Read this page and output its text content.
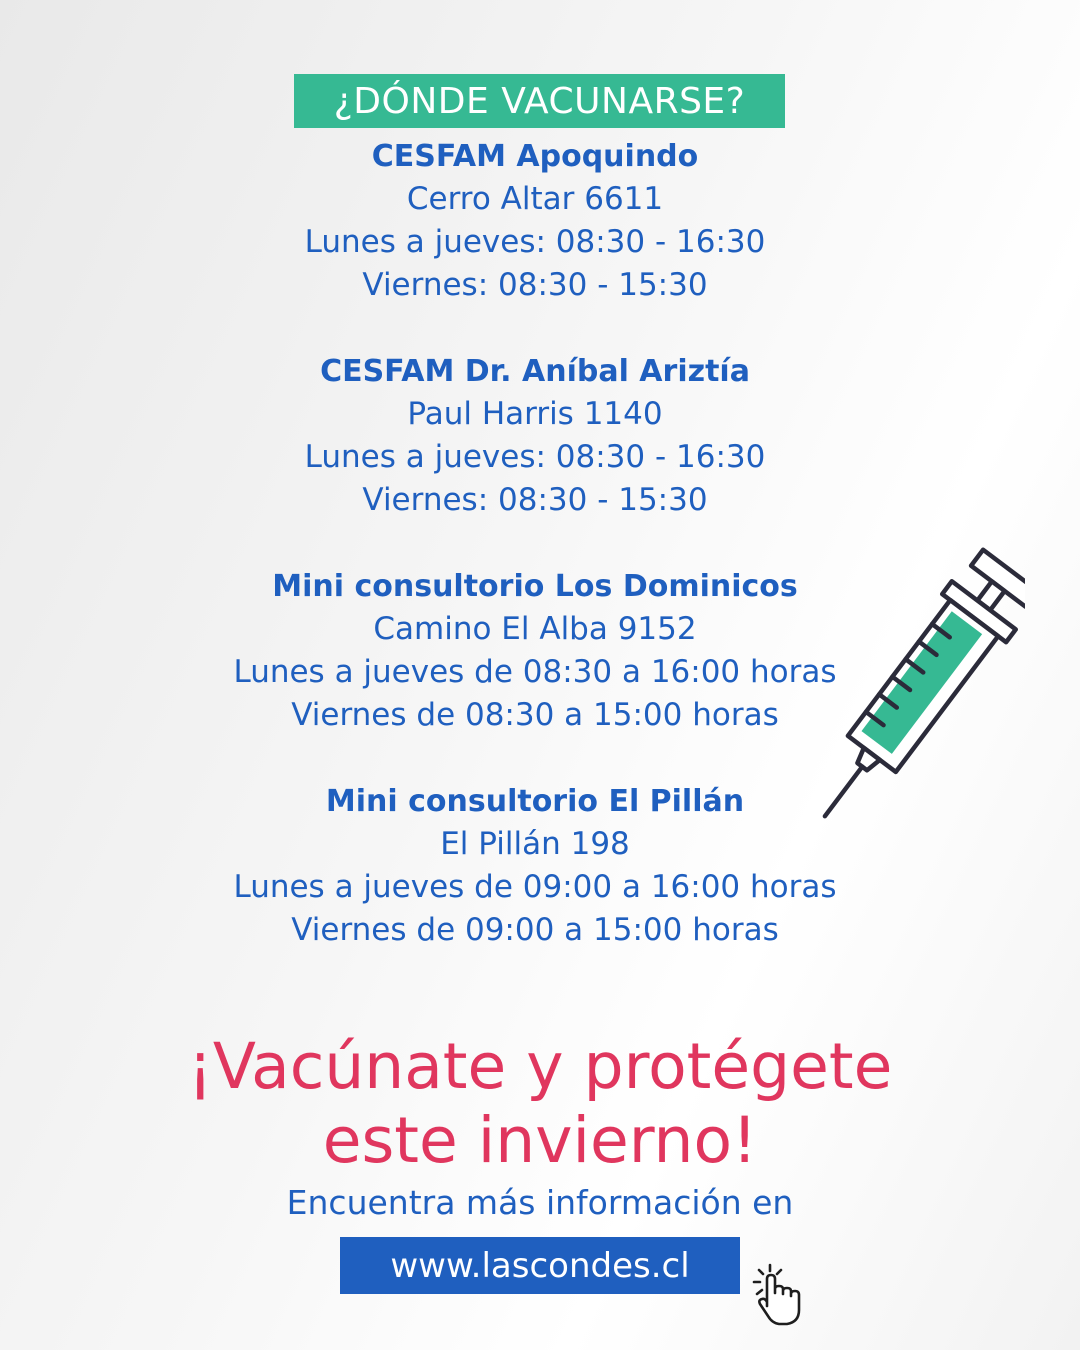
¿DÓNDE VACUNARSE?
CESFAM Apoquindo
Cerro Altar 6611
Lunes a jueves: 08:30 - 16:30
Viernes: 08:30 - 15:30
CESFAM Dr. Aníbal Ariztía
Paul Harris 1140
Lunes a jueves: 08:30 - 16:30
Viernes: 08:30 - 15:30
Mini consultorio Los Dominicos
Camino El Alba 9152
Lunes a jueves de 08:30 a 16:00 horas
Viernes de 08:30 a 15:00 horas
Mini consultorio El Pillán
El Pillán 198
Lunes a jueves de 09:00 a 16:00 horas
Viernes de 09:00 a 15:00 horas
¡Vacúnate y protégete
este invierno!
Encuentra más información en
www.lascondes.cl
